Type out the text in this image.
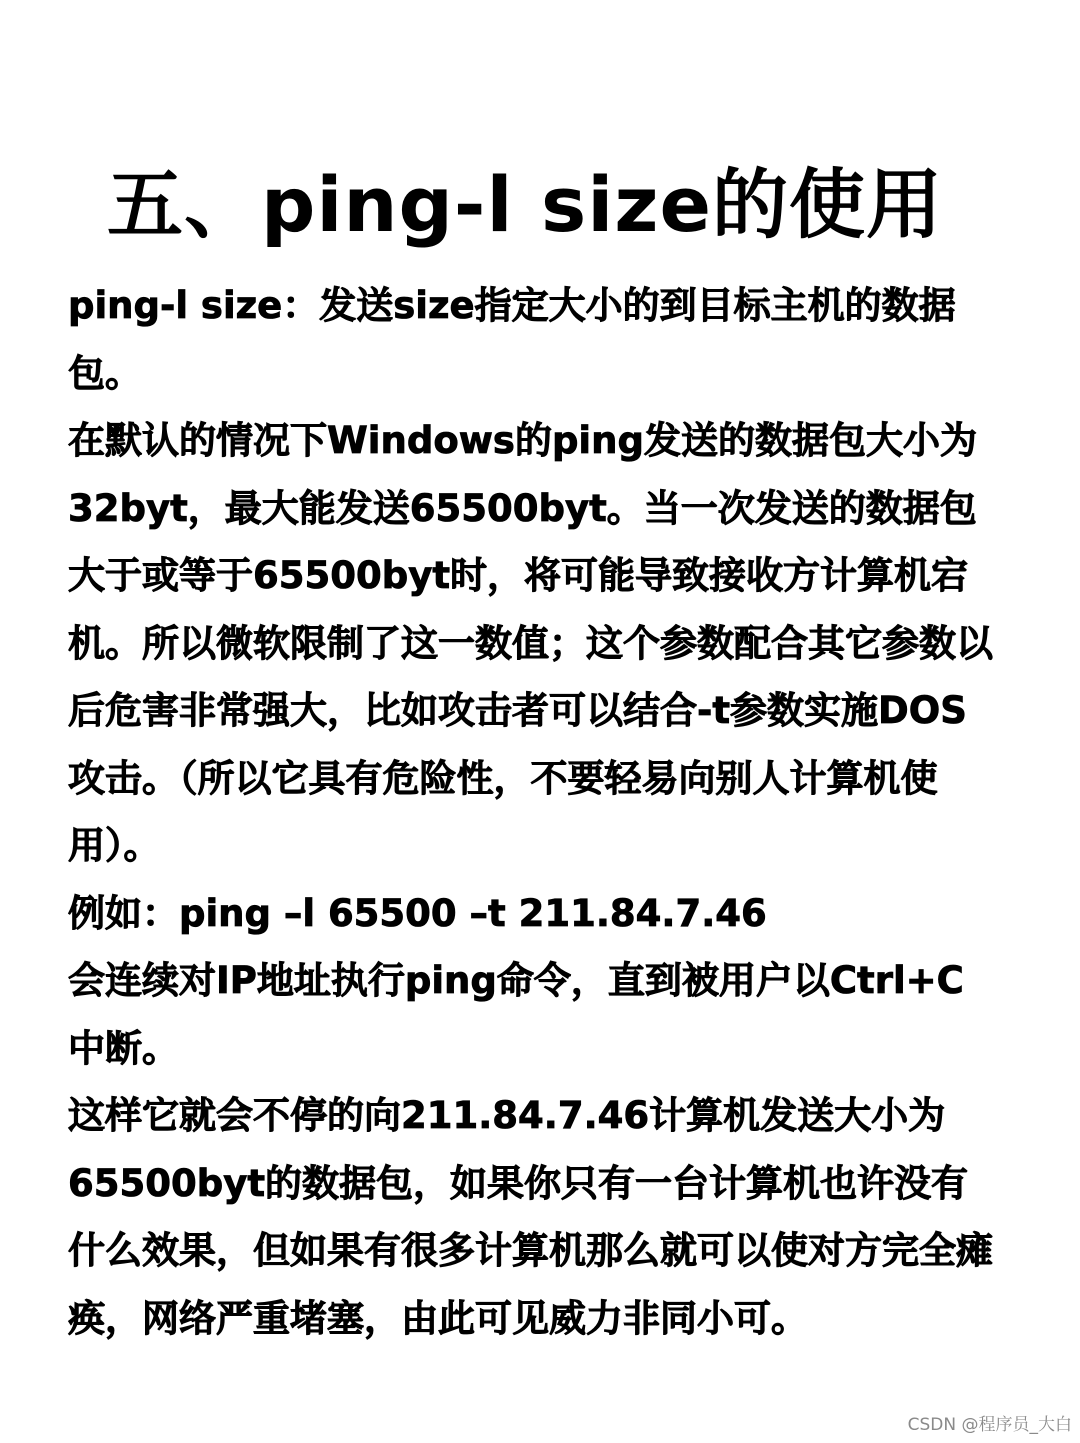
五、ping-l size的使用
ping-l size：发送size指定大小的到目标主机的数据
包。
在默认的情况下Windows的ping发送的数据包大小为
32byt，最大能发送65500byt。当一次发送的数据包
大于或等于65500byt时，将可能导致接收方计算机宕
机。所以微软限制了这一数值；这个参数配合其它参数以
后危害非常强大，比如攻击者可以结合-t参数实施DOS
攻击。（所以它具有危险性，不要轻易向别人计算机使
用）。
例如：ping –l 65500 –t 211.84.7.46
会连续对IP地址执行ping命令，直到被用户以Ctrl+C
中断。
这样它就会不停的向211.84.7.46计算机发送大小为
65500byt的数据包，如果你只有一台计算机也许没有
什么效果，但如果有很多计算机那么就可以使对方完全瘫
痪，网络严重堵塞，由此可见威力非同小可。
CSDN @程序员_大白
